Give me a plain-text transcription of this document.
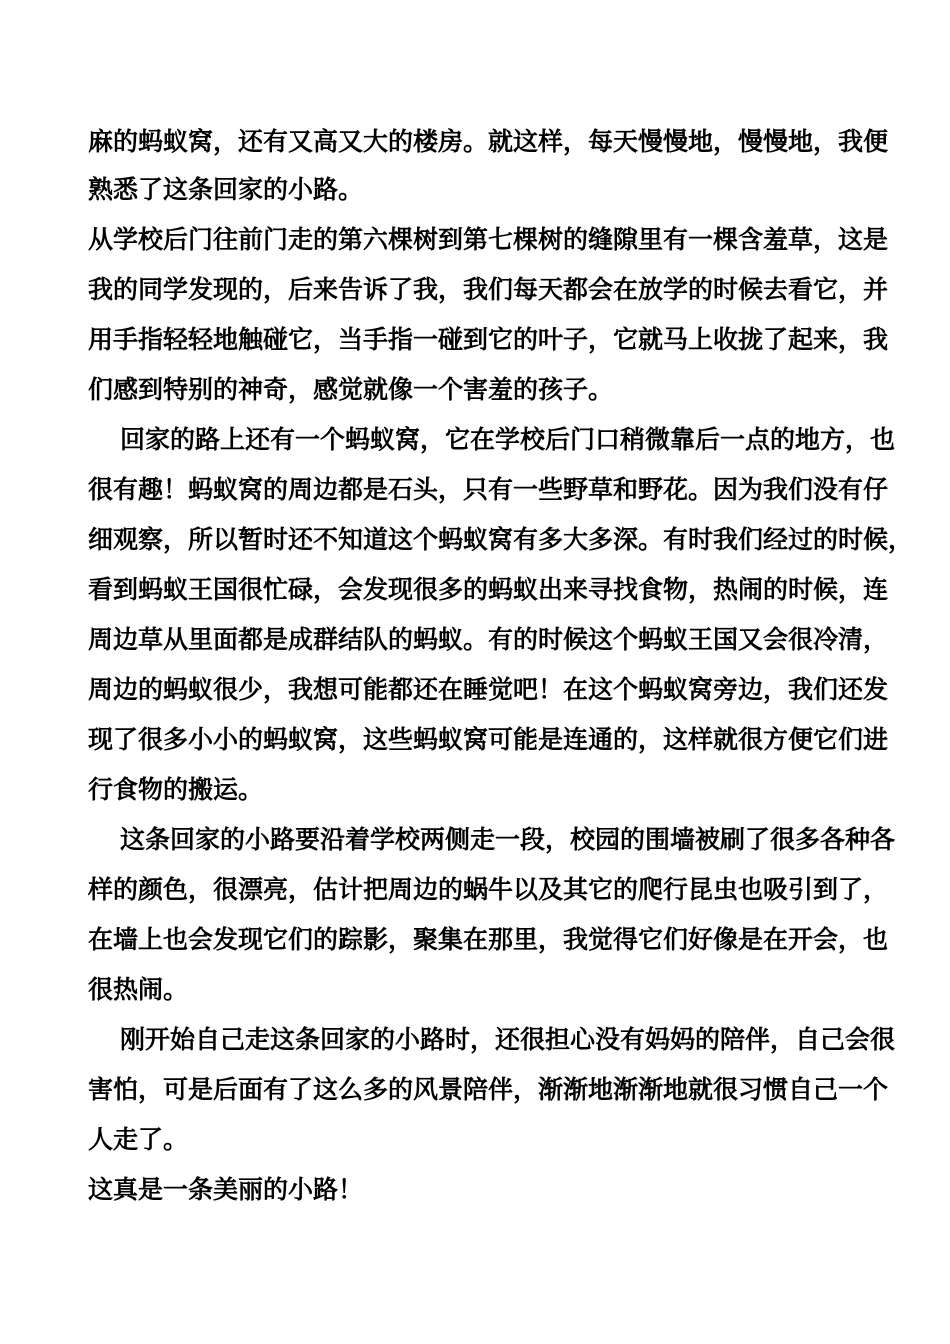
麻的蚂蚁窝，还有又高又大的楼房。就这样，每天慢慢地，慢慢地，我便
熟悉了这条回家的小路。
从学校后门往前门走的第六棵树到第七棵树的缝隙里有一棵含羞草，这是
我的同学发现的，后来告诉了我，我们每天都会在放学的时候去看它，并
用手指轻轻地触碰它，当手指一碰到它的叶子，它就马上收拢了起来，我
们感到特别的神奇，感觉就像一个害羞的孩子。
回家的路上还有一个蚂蚁窝，它在学校后门口稍微靠后一点的地方，也
很有趣！蚂蚁窝的周边都是石头，只有一些野草和野花。因为我们没有仔
细观察，所以暂时还不知道这个蚂蚁窝有多大多深。有时我们经过的时候，
看到蚂蚁王国很忙碌，会发现很多的蚂蚁出来寻找食物，热闹的时候，连
周边草从里面都是成群结队的蚂蚁。有的时候这个蚂蚁王国又会很冷清，
周边的蚂蚁很少，我想可能都还在睡觉吧！在这个蚂蚁窝旁边，我们还发
现了很多小小的蚂蚁窝，这些蚂蚁窝可能是连通的，这样就很方便它们进
行食物的搬运。
这条回家的小路要沿着学校两侧走一段，校园的围墙被刷了很多各种各
样的颜色，很漂亮，估计把周边的蜗牛以及其它的爬行昆虫也吸引到了，
在墙上也会发现它们的踪影，聚集在那里，我觉得它们好像是在开会，也
很热闹。
刚开始自己走这条回家的小路时，还很担心没有妈妈的陪伴，自己会很
害怕，可是后面有了这么多的风景陪伴，渐渐地渐渐地就很习惯自己一个
人走了。
这真是一条美丽的小路！
